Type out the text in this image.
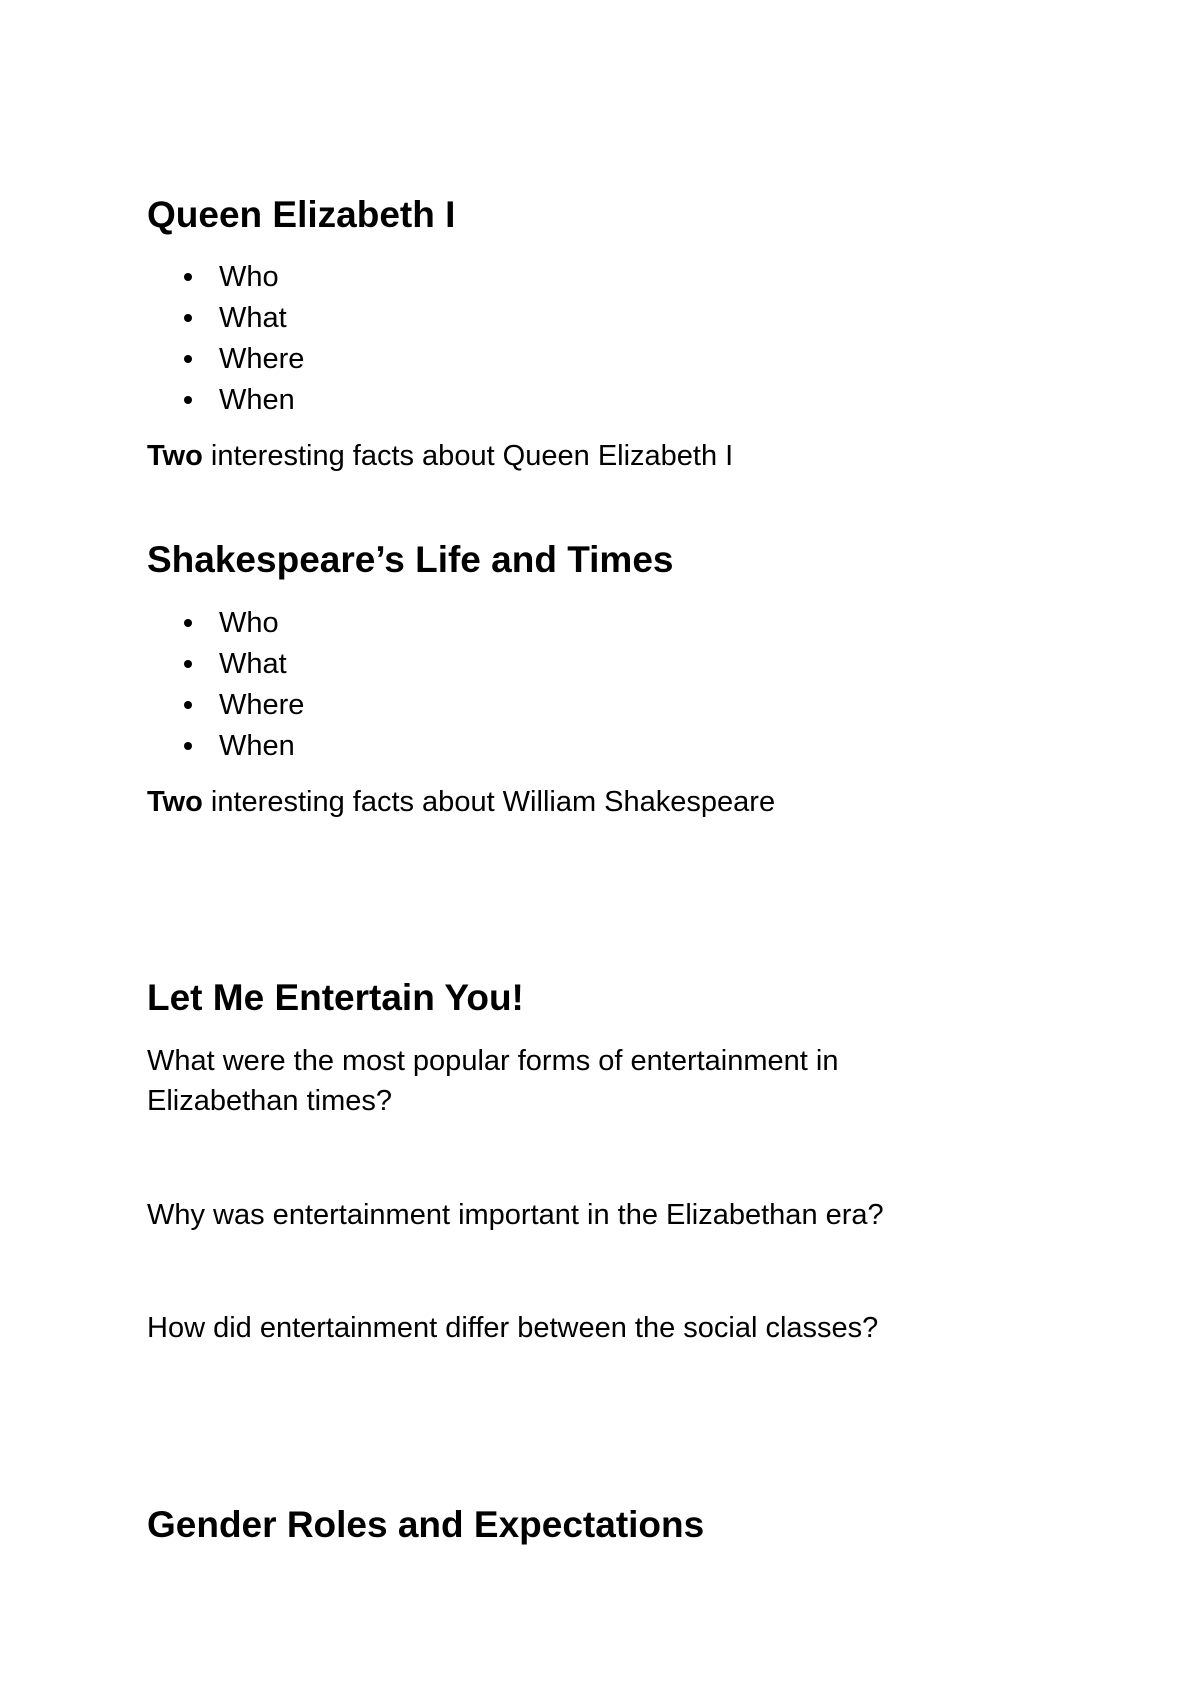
Queen Elizabeth I
Who
What
Where
When

Two interesting facts about Queen Elizabeth I

Shakespeare’s Life and Times
Who
What
Where
When

Two interesting facts about William Shakespeare

Let Me Entertain You!

What were the most popular forms of entertainment in Elizabethan times?

Why was entertainment important in the Elizabethan era?

How did entertainment differ between the social classes?

Gender Roles and Expectations
